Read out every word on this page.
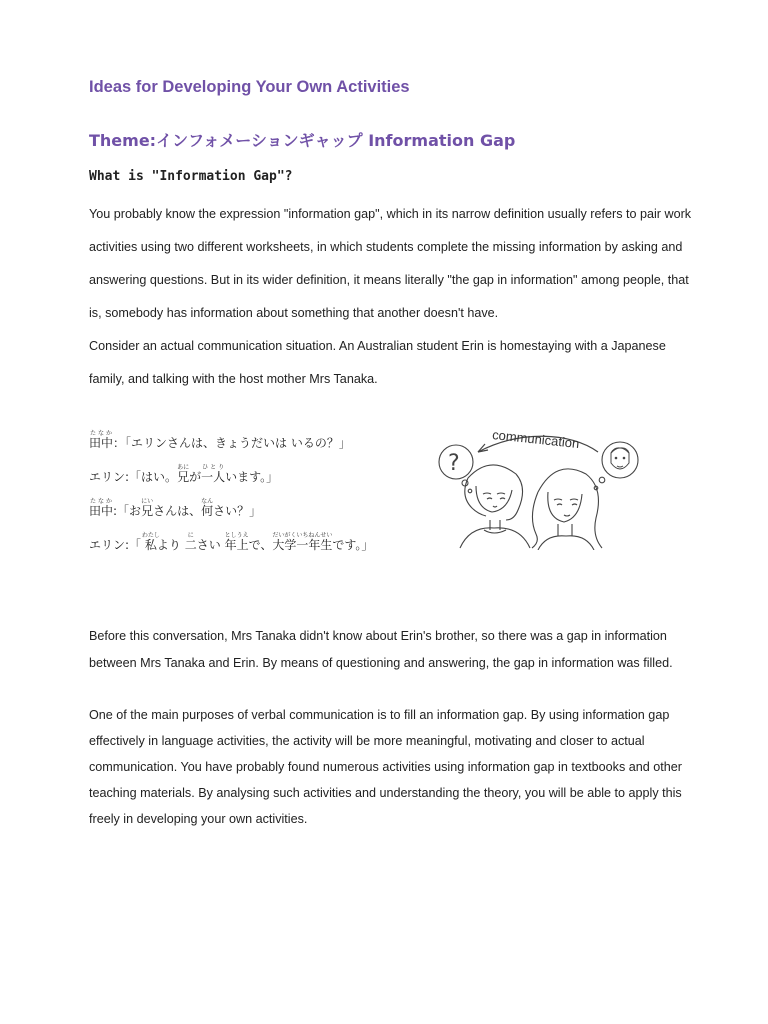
Ideas for Developing Your Own Activities
Theme:インフォメーションギャップ Information Gap
What is "Information Gap"?

You probably know the expression "information gap", which in its narrow definition usually refers to pair work

activities using two different worksheets, in which students complete the missing information by asking and

answering questions. But in its wider definition, it means literally "the gap in information" among people, that

is, somebody has information about something that another doesn't have.

Consider an actual communication situation. An Australian student Erin is homestaying with a Japanese

family, and talking with the host mother Mrs Tanaka.

田中たなか：「エリンさんは、きょうだいは いるの？」

エリン:「はい。兄あにが一人ひとりいます。」

田中たなか:「お兄にいさんは、何なんさい？」

エリン:「 私わたしより 二にさい 年上としうえで、大学一年生だいがくいちねんせいです。」

communication
?

Before this conversation, Mrs Tanaka didn't know about Erin's brother, so there was a gap in information

between Mrs Tanaka and Erin. By means of questioning and answering, the gap in information was filled.

One of the main purposes of verbal communication is to fill an information gap. By using information gap

effectively in language activities, the activity will be more meaningful, motivating and closer to actual

communication. You have probably found numerous activities using information gap in textbooks and other

teaching materials. By analysing such activities and understanding the theory, you will be able to apply this

freely in developing your own activities.
